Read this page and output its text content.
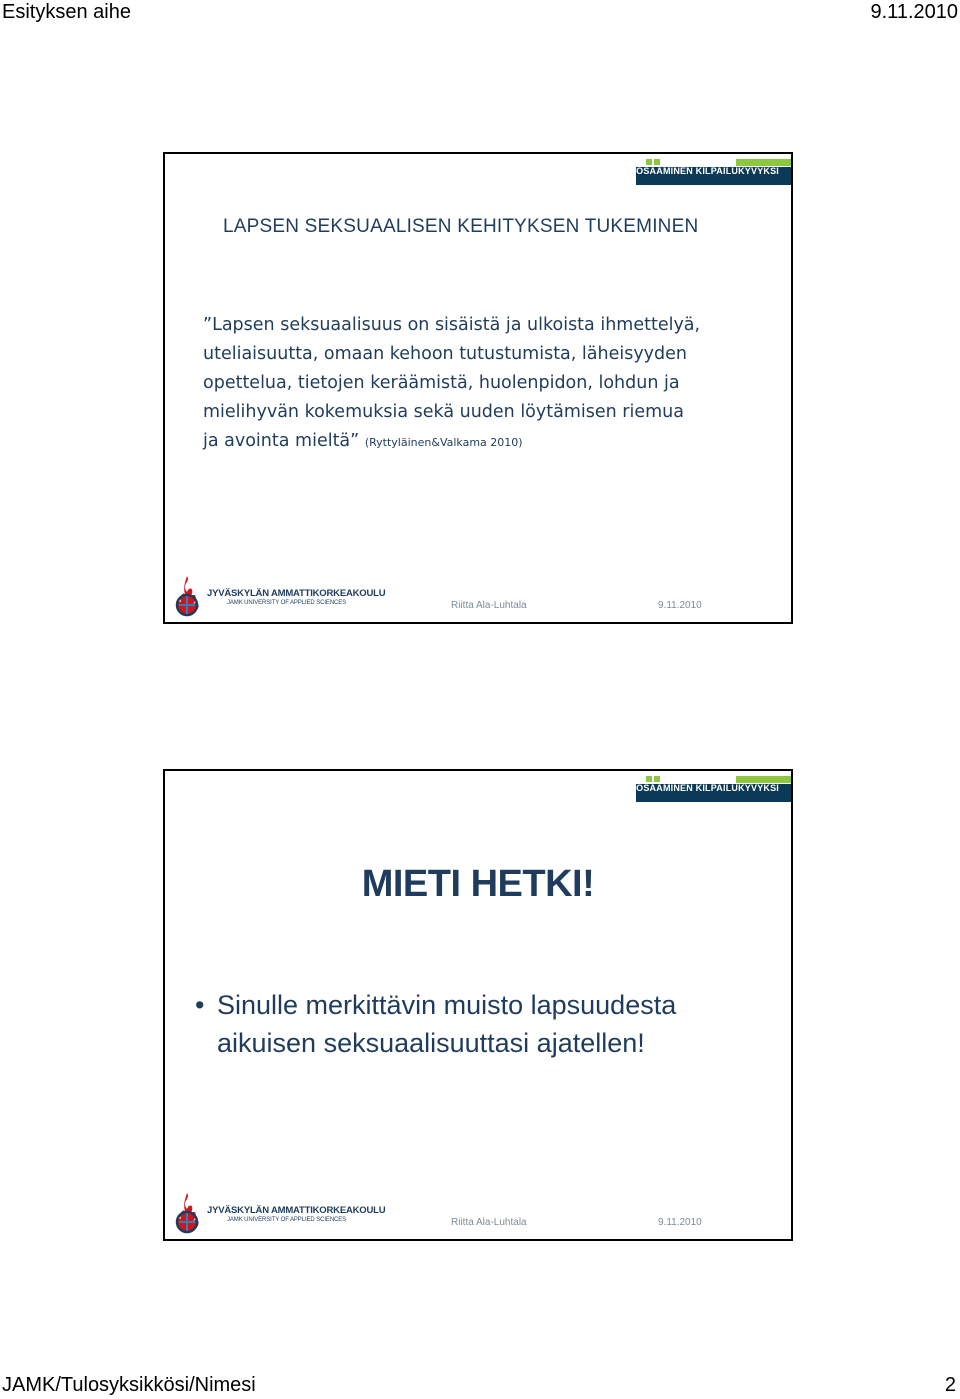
Esityksen aihe	9.11.2010
OSAAMINEN KILPAILUKYVYKSI
LAPSEN SEKSUAALISEN KEHITYKSEN TUKEMINEN
”Lapsen seksuaalisuus on sisäistä ja ulkoista ihmettelyä,
uteliaisuutta, omaan kehoon tutustumista, läheisyyden
opettelua, tietojen keräämistä, huolenpidon, lohdun ja
mielihyvän kokemuksia sekä uuden löytämisen riemua
ja avointa mieltä” (Ryttyläinen&Valkama 2010)
JYVÄSKYLÄN AMMATTIKORKEAKOULU
JAMK UNIVERSITY OF APPLIED SCIENCES	Riitta Ala-Luhtala	9.11.2010
OSAAMINEN KILPAILUKYVYKSI
MIETI HETKI!
• Sinulle merkittävin muisto lapsuudesta
aikuisen seksuaalisuuttasi ajatellen!
JYVÄSKYLÄN AMMATTIKORKEAKOULU
JAMK UNIVERSITY OF APPLIED SCIENCES	Riitta Ala-Luhtala	9.11.2010
JAMK/Tulosyksikkösi/Nimesi	2
